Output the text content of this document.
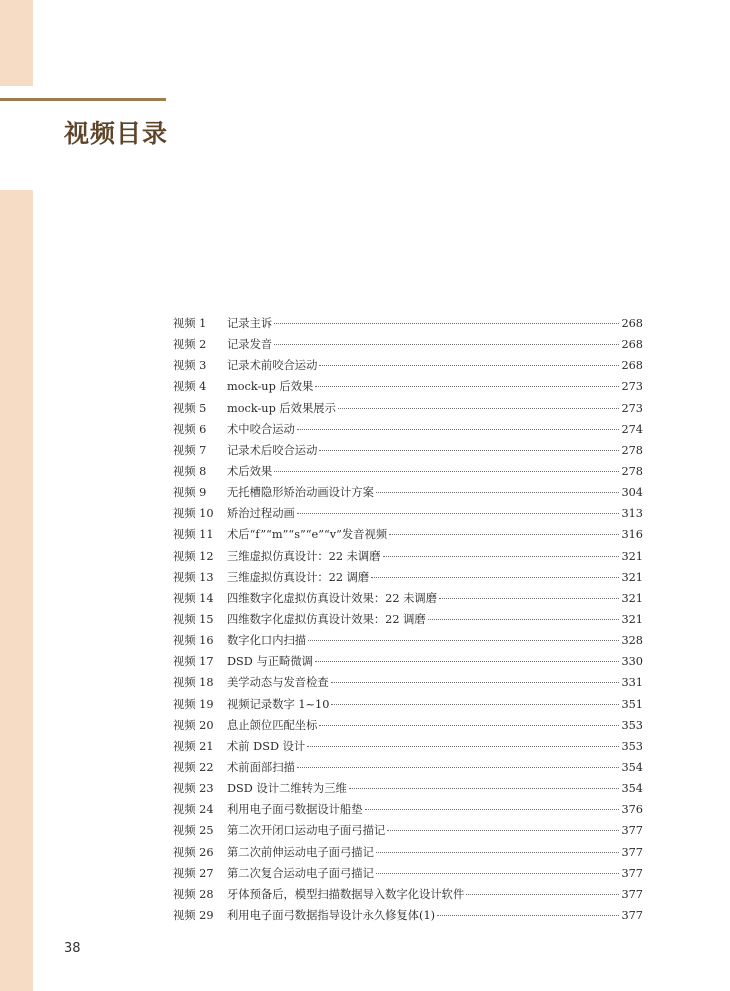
视频目录
视频 1	记录主诉	268
视频 2	记录发音	268
视频 3	记录术前咬合运动	268
视频 4	mock-up 后效果	273
视频 5	mock-up 后效果展示	273
视频 6	术中咬合运动	274
视频 7	记录术后咬合运动	278
视频 8	术后效果	278
视频 9	无托槽隐形矫治动画设计方案	304
视频 10	矫治过程动画	313
视频 11	术后“f”“m”“s”“e”“v”发音视频	316
视频 12	三维虚拟仿真设计：22 未调磨	321
视频 13	三维虚拟仿真设计：22 调磨	321
视频 14	四维数字化虚拟仿真设计效果：22 未调磨	321
视频 15	四维数字化虚拟仿真设计效果：22 调磨	321
视频 16	数字化口内扫描	328
视频 17	DSD 与正畸微调	330
视频 18	美学动态与发音检查	331
视频 19	视频记录数字 1~10	351
视频 20	息止颌位匹配坐标	353
视频 21	术前 DSD 设计	353
视频 22	术前面部扫描	354
视频 23	DSD 设计二维转为三维	354
视频 24	利用电子面弓数据设计船垫	376
视频 25	第二次开闭口运动电子面弓描记	377
视频 26	第二次前伸运动电子面弓描记	377
视频 27	第二次复合运动电子面弓描记	377
视频 28	牙体预备后，模型扫描数据导入数字化设计软件	377
视频 29	利用电子面弓数据指导设计永久修复体(1)	377
38
